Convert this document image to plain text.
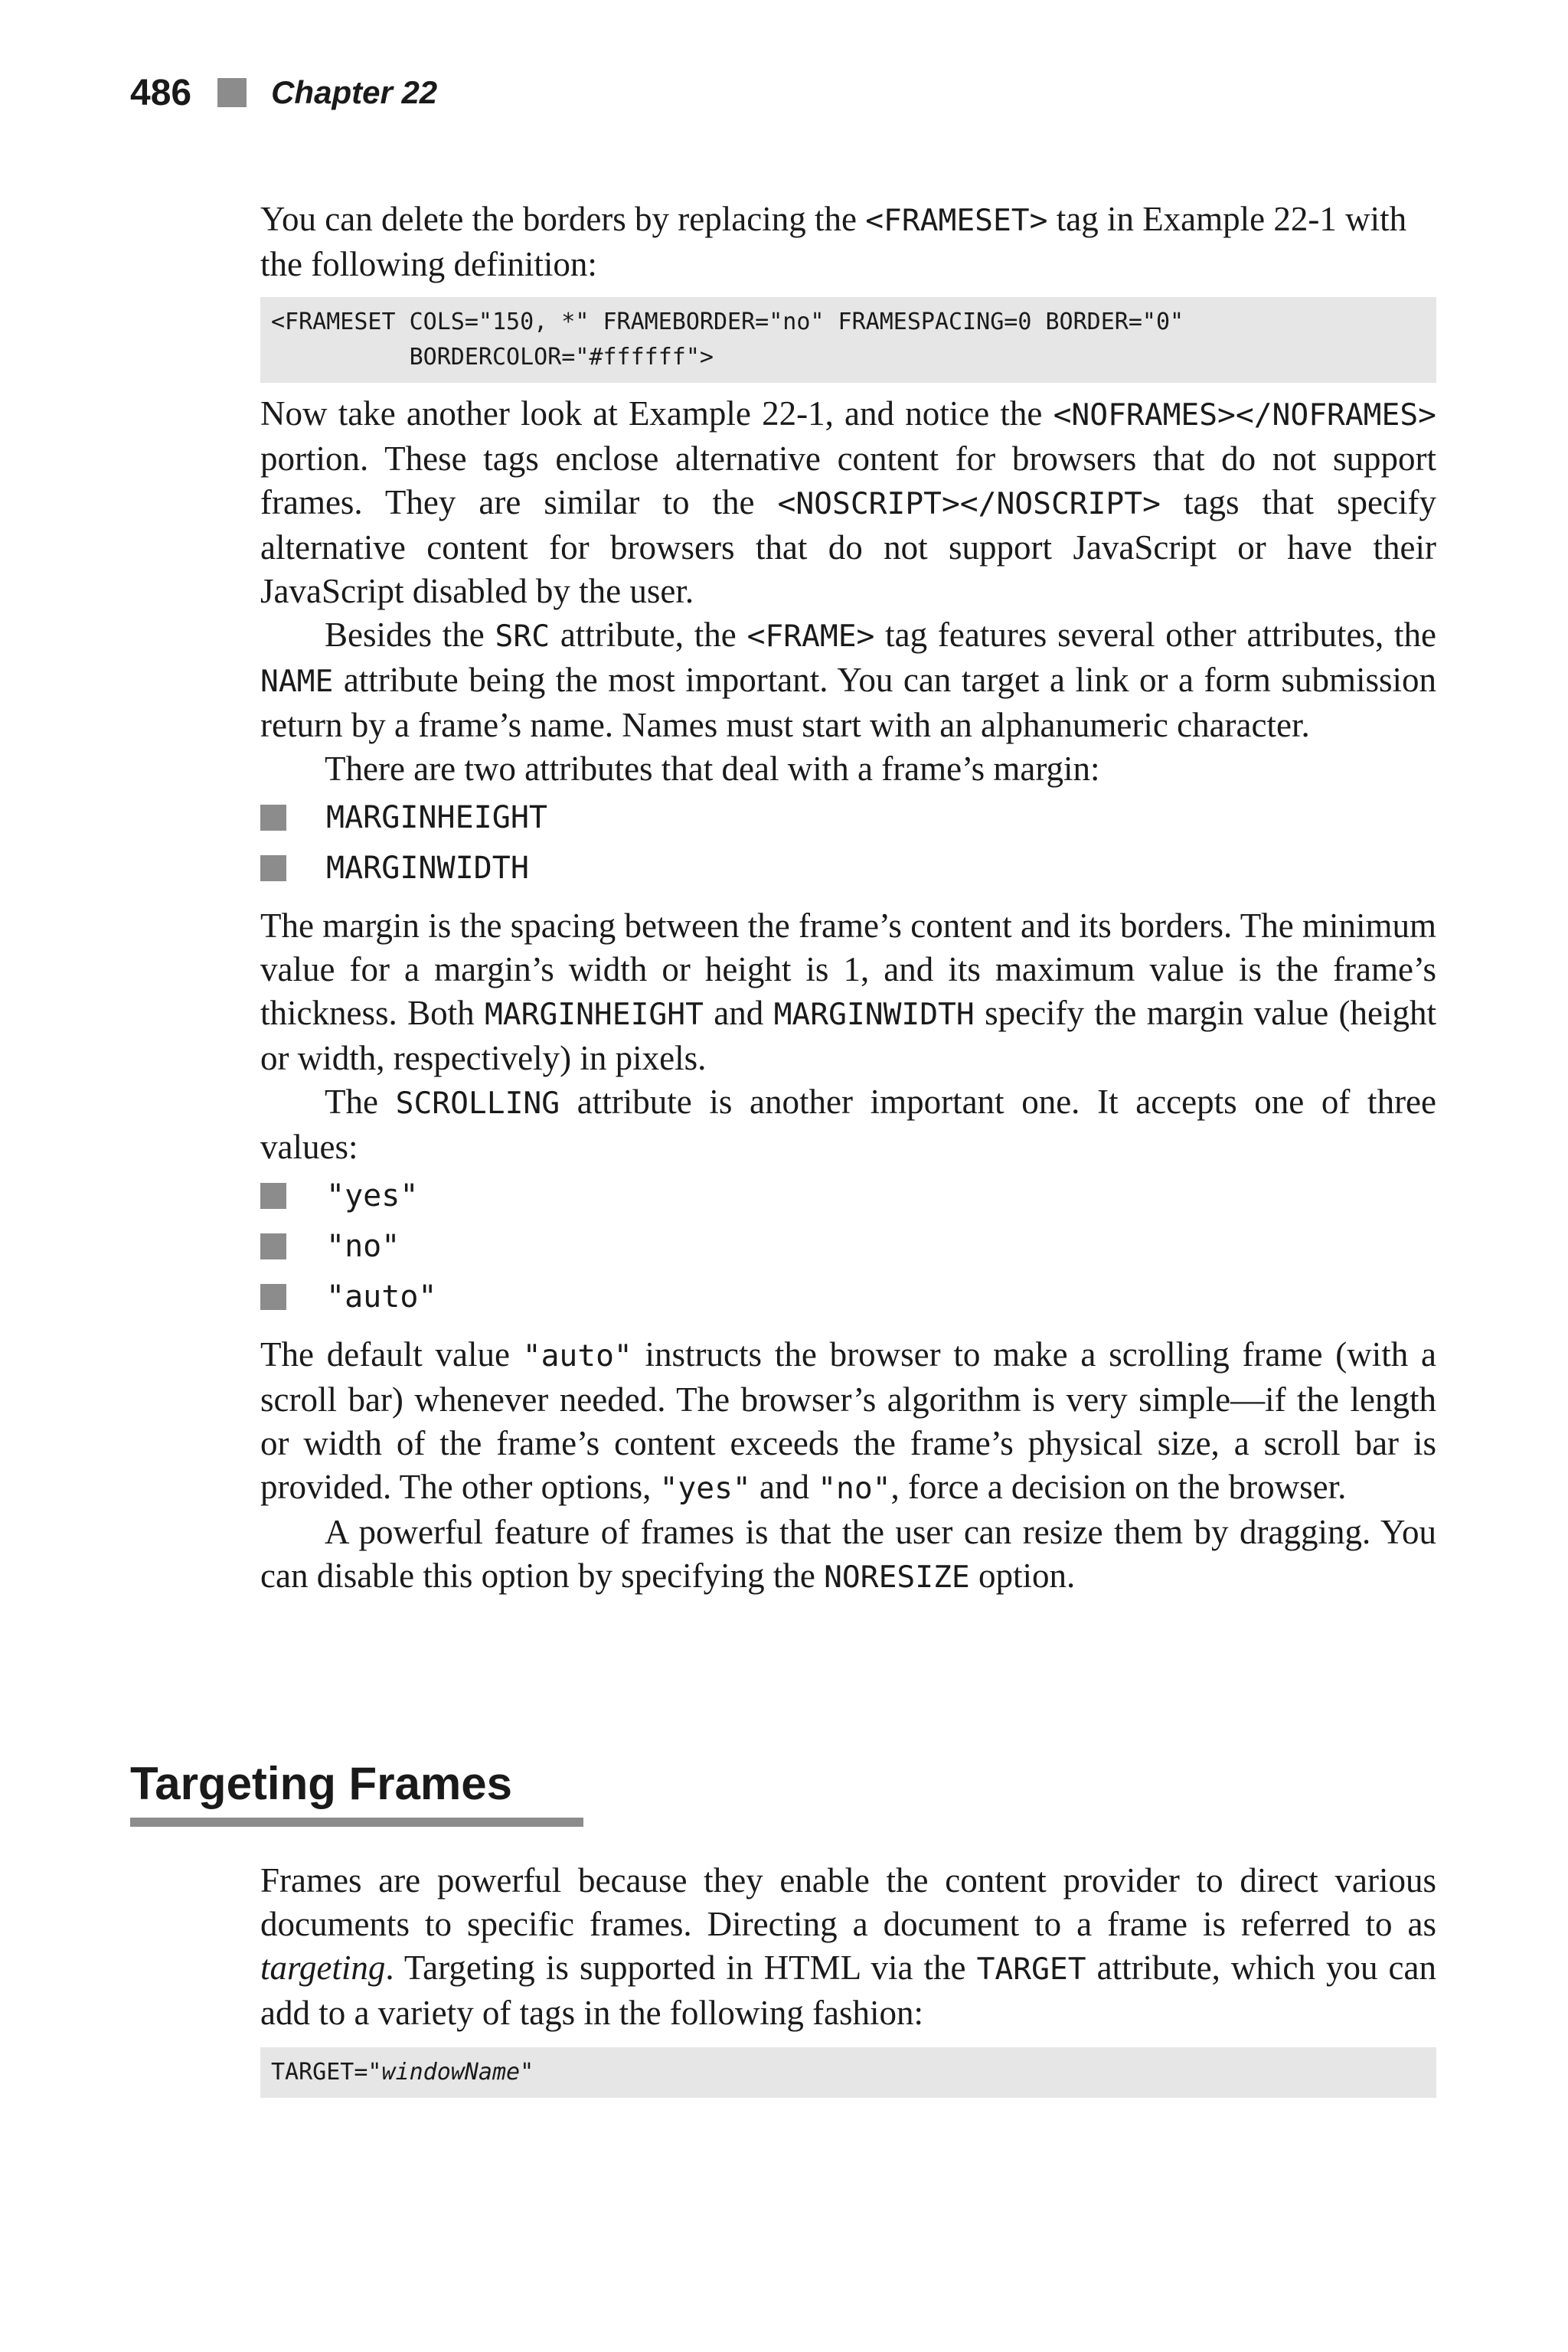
486 Chapter 22

You can delete the borders by replacing the <FRAMESET> tag in Example 22-1 with the following definition:

<FRAMESET COLS="150, *" FRAMEBORDER="no" FRAMESPACING=0 BORDER="0"
BORDERCOLOR="#ffffff">

Now take another look at Example 22-1, and notice the <NOFRAMES></NOFRAMES> portion. These tags enclose alternative content for browsers that do not support frames. They are similar to the <NOSCRIPT></NOSCRIPT> tags that specify alternative content for browsers that do not support JavaScript or have their JavaScript disabled by the user.

Besides the SRC attribute, the <FRAME> tag features several other attributes, the NAME attribute being the most important. You can target a link or a form submission return by a frame’s name. Names must start with an alphanumeric character.

There are two attributes that deal with a frame’s margin:

MARGINHEIGHT
MARGINWIDTH

The margin is the spacing between the frame’s content and its borders. The minimum value for a margin’s width or height is 1, and its maximum value is the frame’s thickness. Both MARGINHEIGHT and MARGINWIDTH specify the margin value (height or width, respectively) in pixels.

The SCROLLING attribute is another important one. It accepts one of three values:

"yes"
"no"
"auto"

The default value "auto" instructs the browser to make a scrolling frame (with a scroll bar) whenever needed. The browser’s algorithm is very simple—if the length or width of the frame’s content exceeds the frame’s physical size, a scroll bar is provided. The other options, "yes" and "no", force a decision on the browser.

A powerful feature of frames is that the user can resize them by dragging. You can disable this option by specifying the NORESIZE option.

Targeting Frames

Frames are powerful because they enable the content provider to direct various documents to specific frames. Directing a document to a frame is referred to as targeting. Targeting is supported in HTML via the TARGET attribute, which you can add to a variety of tags in the following fashion:

TARGET="windowName"
